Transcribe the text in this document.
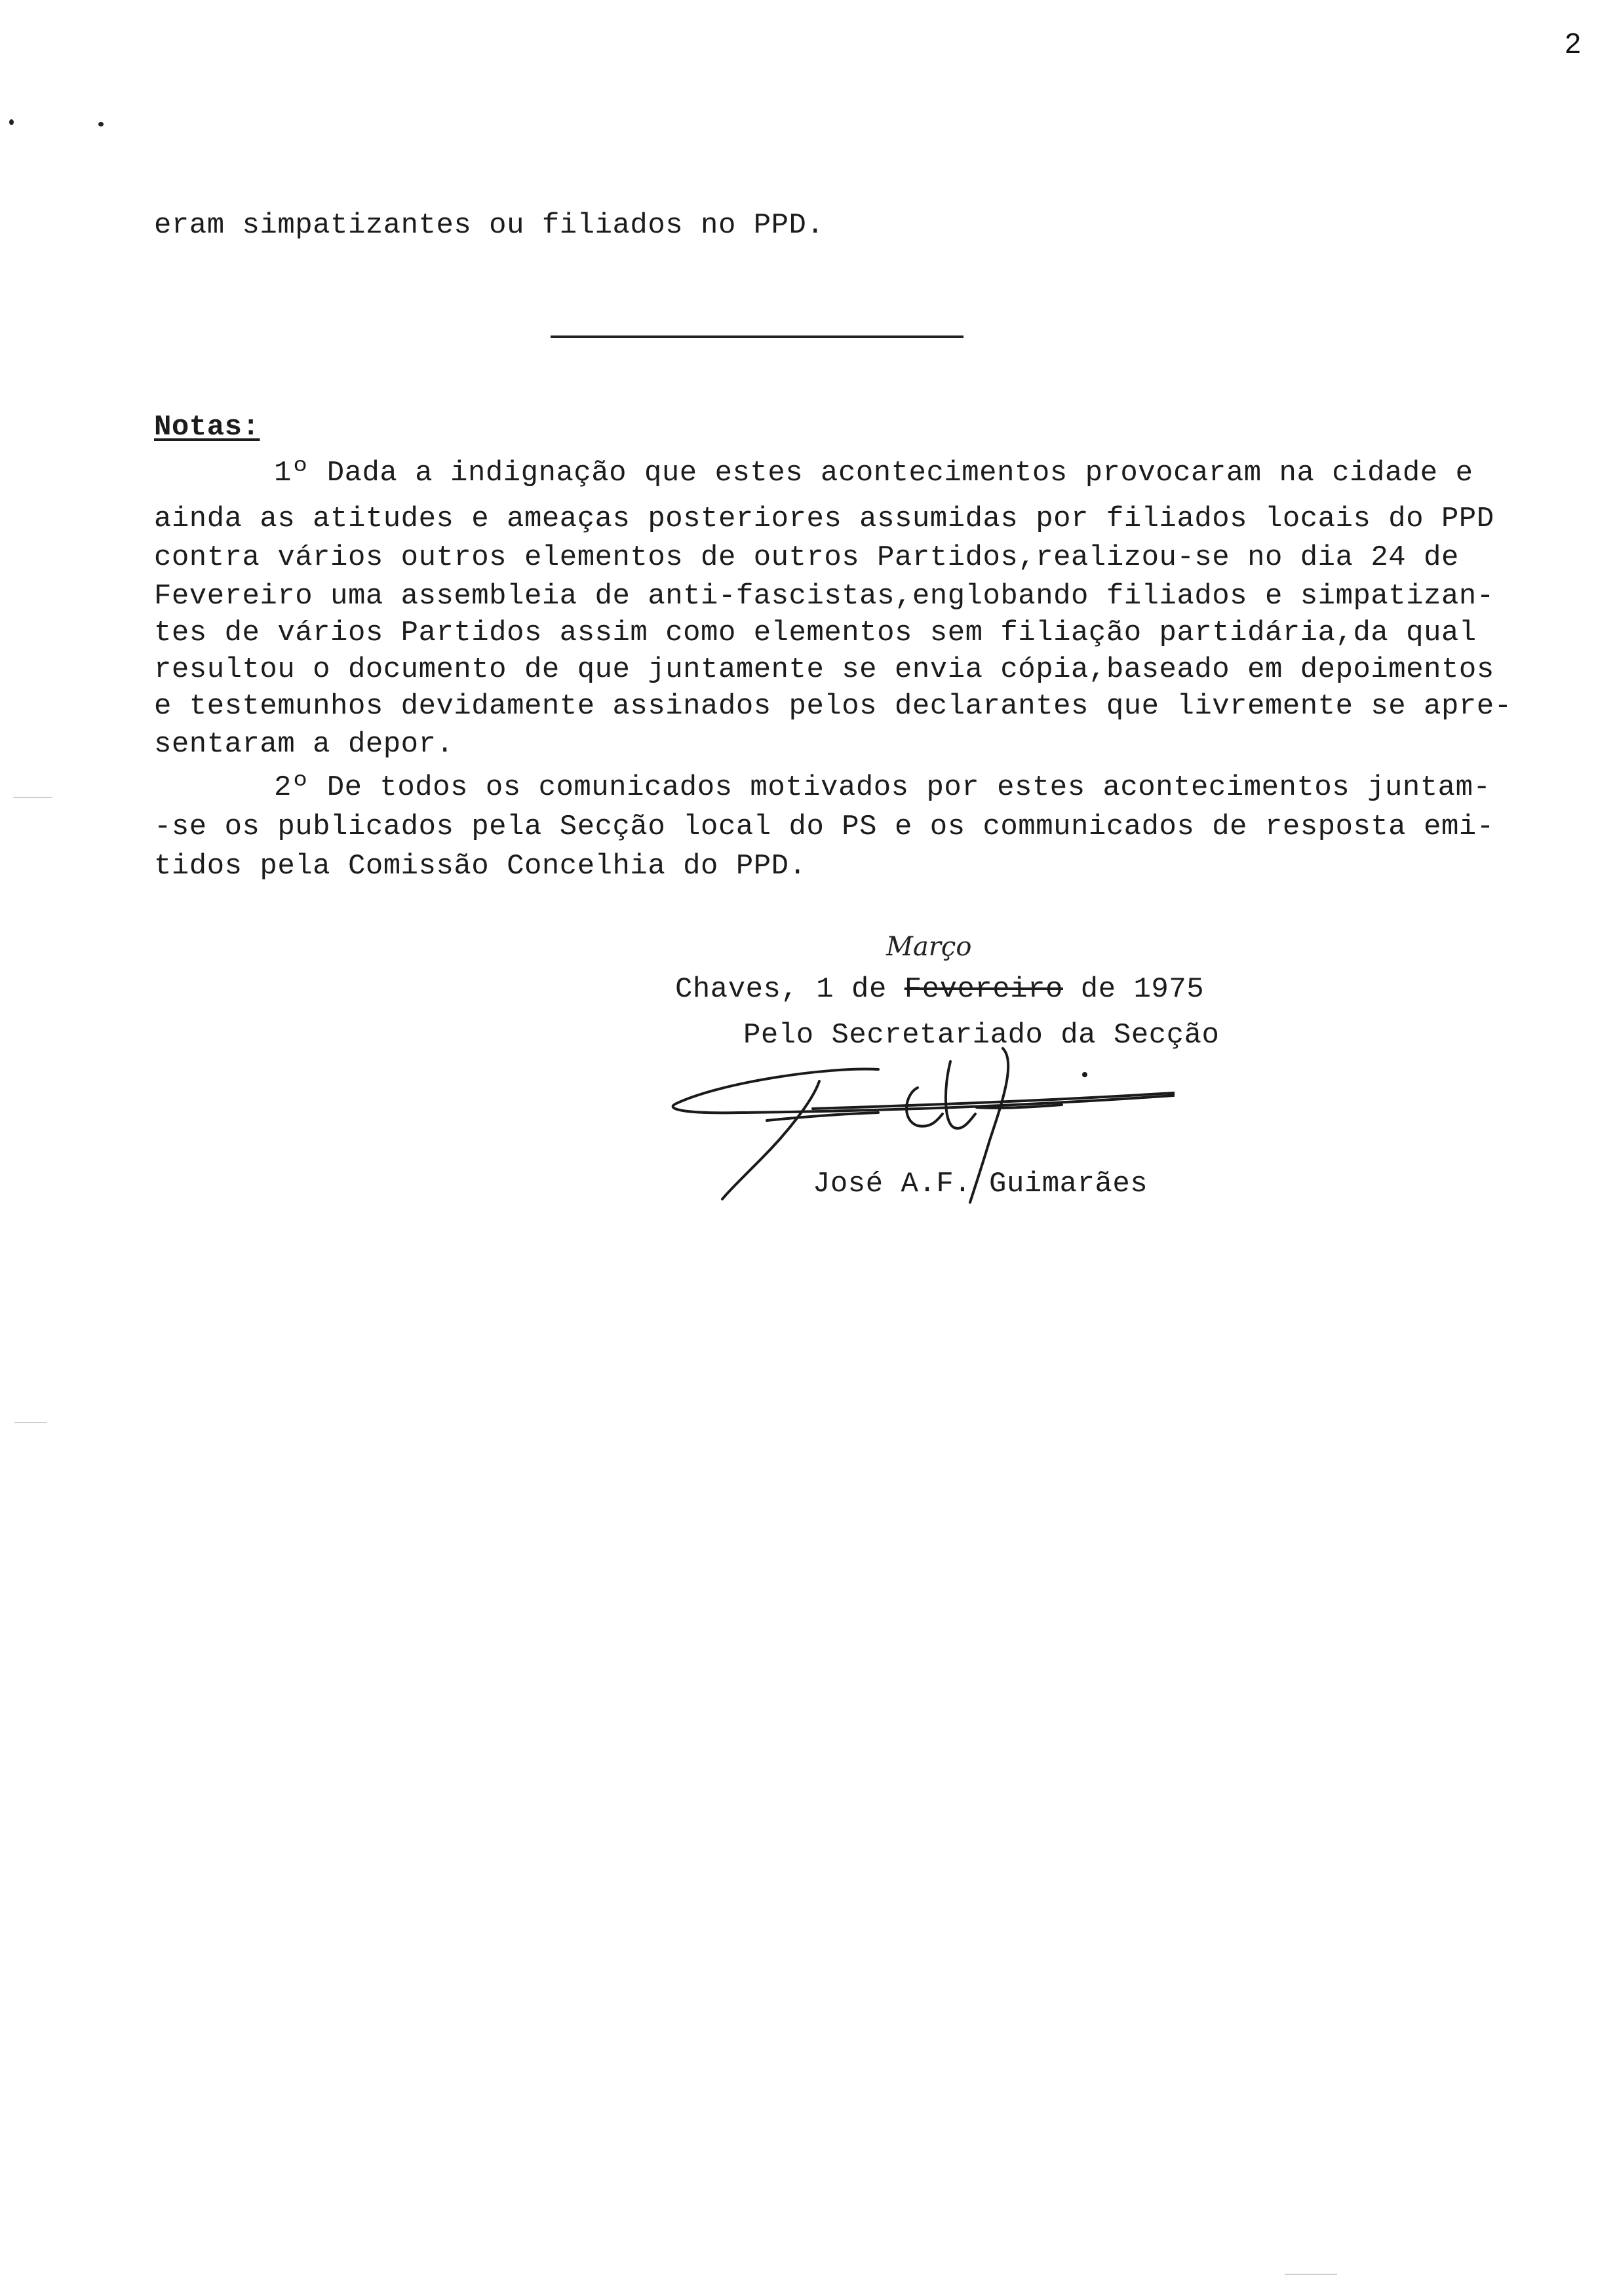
2
eram simpatizantes ou filiados no PPD.
Notas:
1º Dada a indignação que estes acontecimentos provocaram na cidade e
ainda as atitudes e ameaças posteriores assumidas por filiados locais do PPD
contra vários outros elementos de outros Partidos,realizou-se no dia 24 de
Fevereiro uma assembleia de anti-fascistas,englobando filiados e simpatizan-
tes de vários Partidos assim como elementos sem filiação partidária,da qual
resultou o documento de que juntamente se envia cópia,baseado em depoimentos
e testemunhos devidamente assinados pelos declarantes que livremente se apre-
sentaram a depor.
2º De todos os comunicados motivados por estes acontecimentos juntam-
-se os publicados pela Secção local do PS e os communicados de resposta emi-
tidos pela Comissão Concelhia do PPD.
Março
Chaves, 1 de Fevereiro de 1975
Pelo Secretariado da Secção
José A.F. Guimarães
